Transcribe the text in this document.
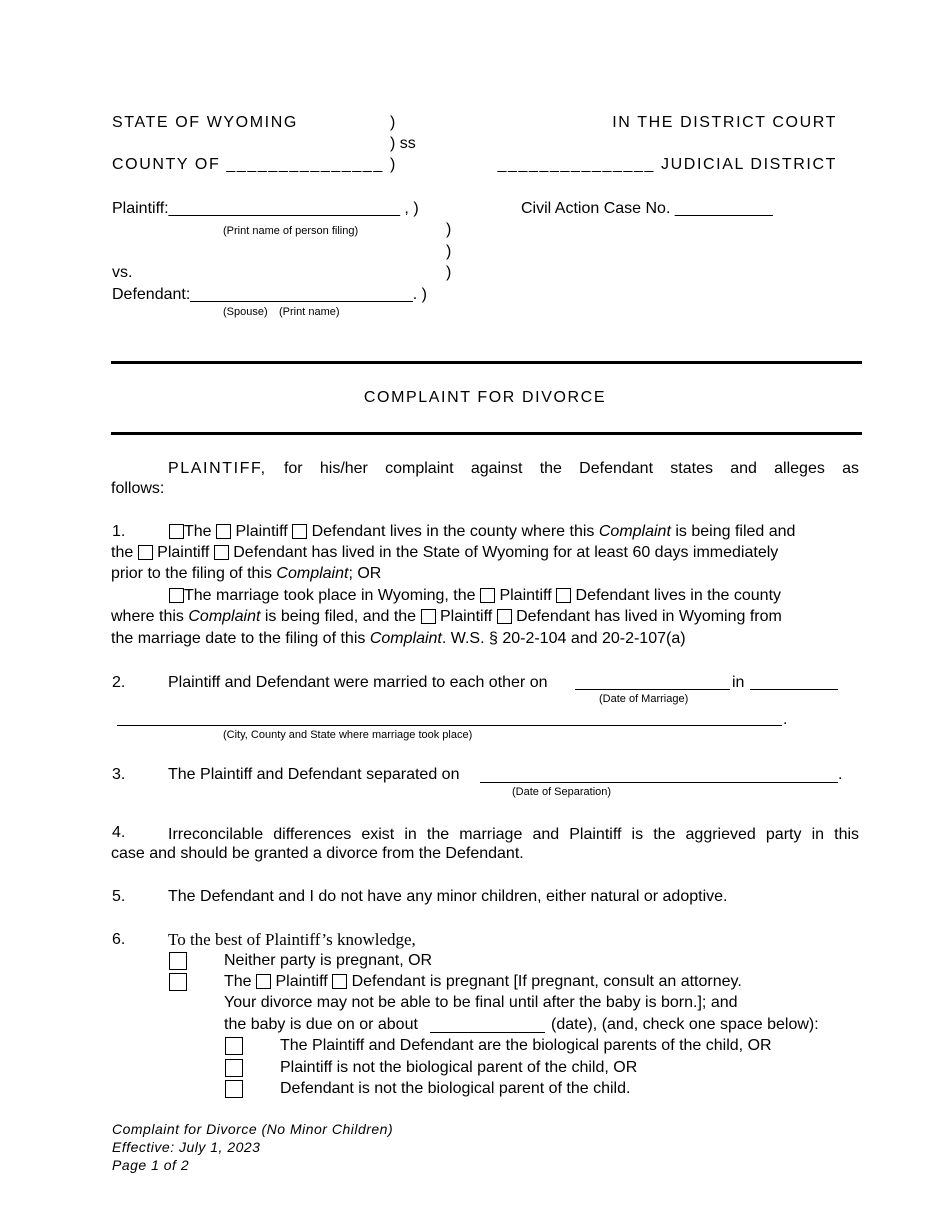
STATE OF WYOMING	)
) ss
)
IN THE DISTRICT COURT
COUNTY OF _______________	_______________ JUDICIAL DISTRICT
Plaintiff:__________________________ , )
(Print name of person filing)	)
)
vs.	)
Defendant:_________________________. )
(Spouse) (Print name)
Civil Action Case No. ___________
COMPLAINT FOR DIVORCE
PLAINTIFF, for his/her complaint against the Defendant states and alleges as
follows:
1.	The Plaintiff Defendant lives in the county where this Complaint is being filed and
the Plaintiff Defendant has lived in the State of Wyoming for at least 60 days immediately
prior to the filing of this Complaint; OR
The marriage took place in Wyoming, the Plaintiff Defendant lives in the county
where this Complaint is being filed, and the Plaintiff Defendant has lived in Wyoming from
the marriage date to the filing of this Complaint. W.S. § 20-2-104 and 20-2-107(a)
2.	Plaintiff and Defendant were married to each other on	in
(Date of Marriage)
.
(City, County and State where marriage took place)
3.	The Plaintiff and Defendant separated on	.
(Date of Separation)
4.	Irreconcilable differences exist in the marriage and Plaintiff is the aggrieved party in this
case and should be granted a divorce from the Defendant.
5.	The Defendant and I do not have any minor children, either natural or adoptive.
6.	To the best of Plaintiff’s knowledge,
Neither party is pregnant, OR
The Plaintiff Defendant is pregnant [If pregnant, consult an attorney.
Your divorce may not be able to be final until after the baby is born.]; and
the baby is due on or about	(date), (and, check one space below):
The Plaintiff and Defendant are the biological parents of the child, OR
Plaintiff is not the biological parent of the child, OR
Defendant is not the biological parent of the child.
Complaint for Divorce (No Minor Children)
Effective: July 1, 2023
Page 1 of 2
